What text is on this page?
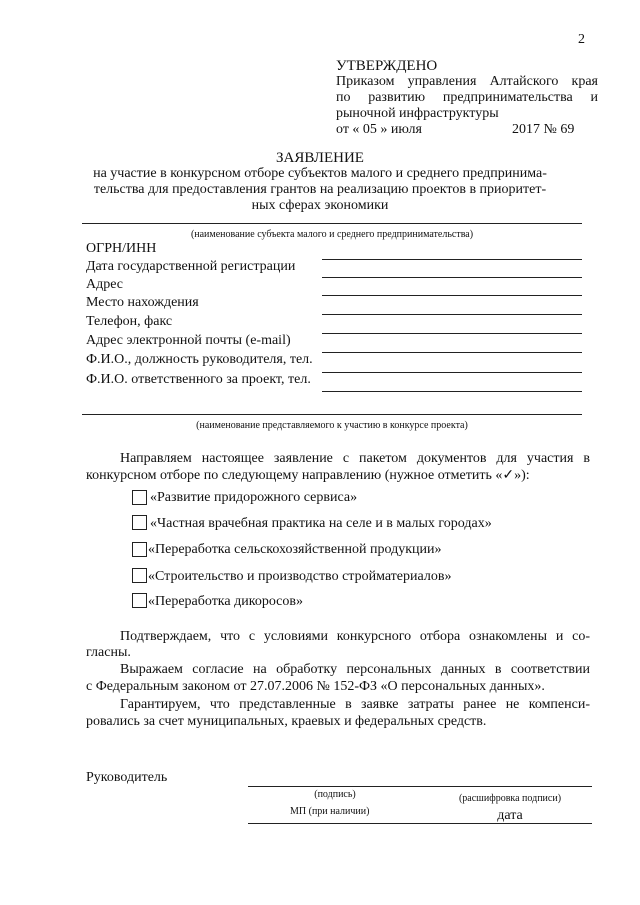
2
УТВЕРЖДЕНО
Приказом управления Алтайского края
по развитию предпринимательства и
рыночной инфраструктуры
от « 05 » июля	2017 № 69
ЗАЯВЛЕНИЕ
на участие в конкурсном отборе субъектов малого и среднего предпринима-
тельства для предоставления грантов на реализацию проектов в приоритет-
ных сферах экономики
(наименование субъекта малого и среднего предпринимательства)
ОГРН/ИНН
Дата государственной регистрации
Адрес
Место нахождения
Телефон, факс
Адрес электронной почты (e-mail)
Ф.И.О., должность руководителя, тел.
Ф.И.О. ответственного за проект, тел.
(наименование представляемого к участию в конкурсе проекта)
Направляем настоящее заявление с пакетом документов для участия в
конкурсном отборе по следующему направлению (нужное отметить «✓»):
«Развитие придорожного сервиса»
«Частная врачебная практика на селе и в малых городах»
«Переработка сельскохозяйственной продукции»
«Строительство и производство стройматериалов»
«Переработка дикоросов»
Подтверждаем, что с условиями конкурсного отбора ознакомлены и со-
гласны.
Выражаем согласие на обработку персональных данных в соответствии
с Федеральным законом от 27.07.2006 № 152-ФЗ «О персональных данных».
Гарантируем, что представленные в заявке затраты ранее не компенси-
ровались за счет муниципальных, краевых и федеральных средств.
Руководитель
(подпись)	(расшифровка подписи)
МП (при наличии)	дата
